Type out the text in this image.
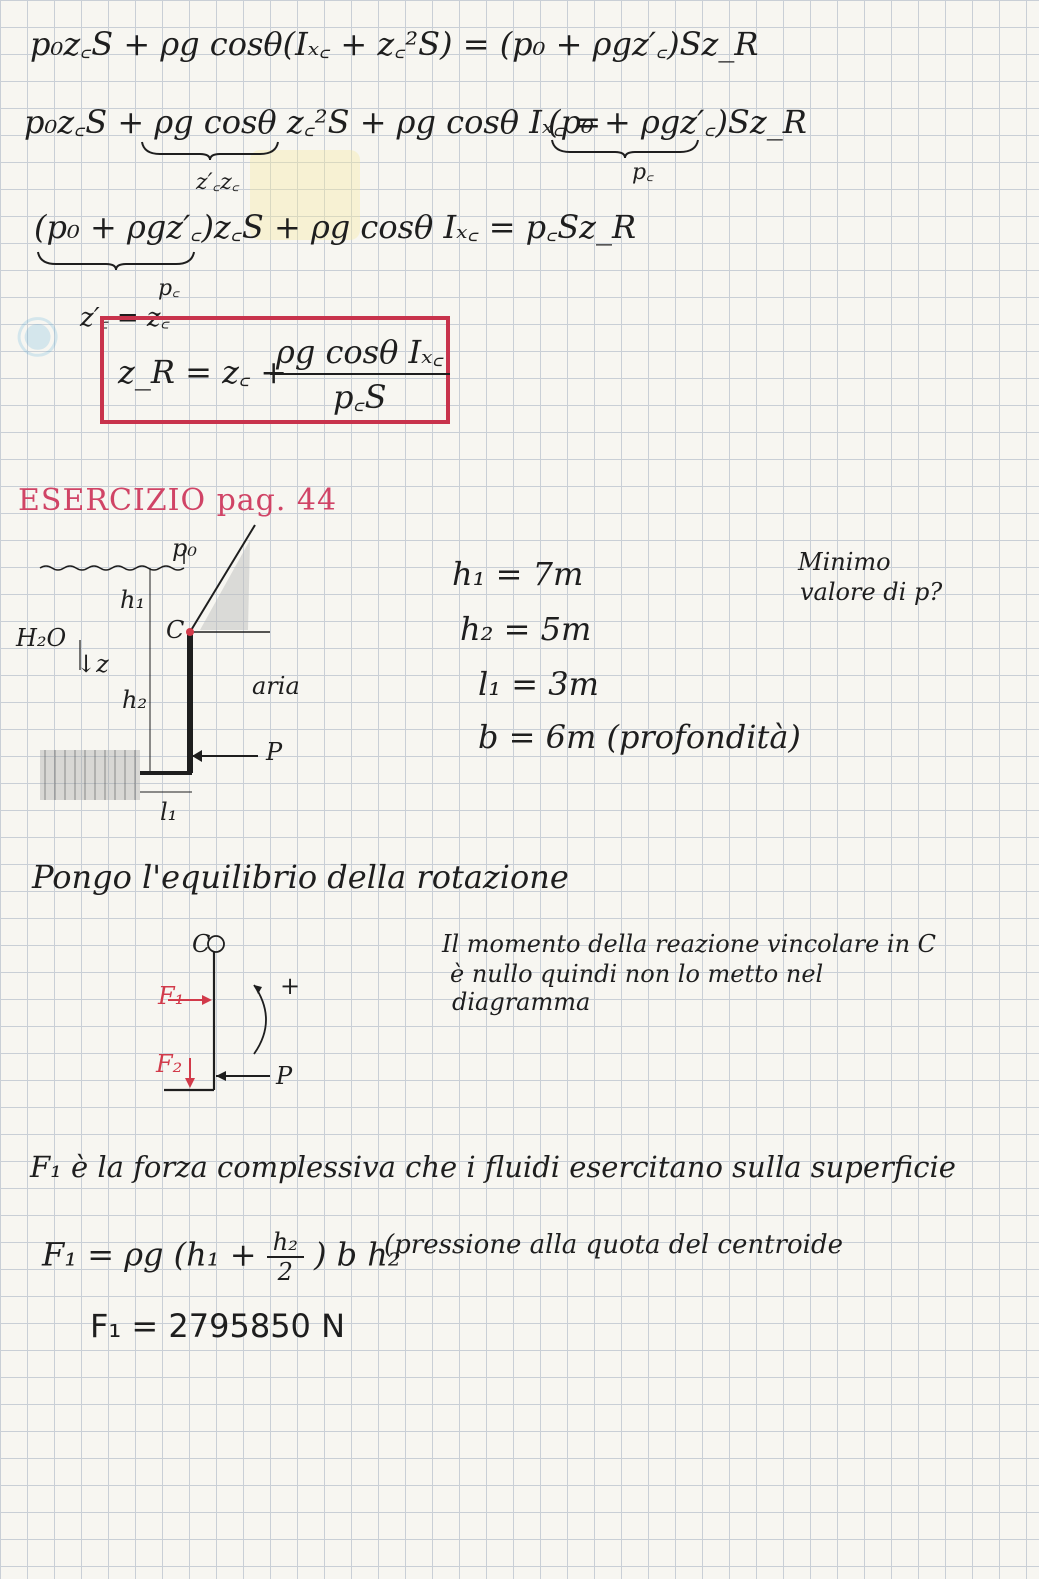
◉
p₀z꜀S + ρg cosθ(Iₓ꜀ + z꜀²S) = (p₀ + ρgz′꜀)Sz_R
p₀z꜀S + ρg cosθ z꜀²S + ρg cosθ Iₓ꜀ =
(p₀ + ρgz′꜀)Sz_R
z′꜀z꜀	p꜀
(p₀ + ρgz′꜀)z꜀S + ρg cosθ Iₓ꜀ = p꜀Sz_R
p꜀
z′꜀ = z꜀
z_R = z꜀ +
$\frac{\text{ρg cosθ Iₓ꜀}}{p꜀S}$
ESERCIZIO pag. 44
p₀
h₁
C
H₂O
↓z
aria
h₂
P
l₁
h₁ = 7m
h₂ = 5m
l₁ = 3m
b = 6m (profondità)
Minimo
valore di p?
Pongo l'equilibrio della rotazione
C
F₁
F₂	P
+
Il momento della reazione vincolare in C
è nullo quindi non lo metto nel
diagramma
F₁ è la forza complessiva che i fluidi esercitano sulla superficie
F₁ = ρg ($h_1 + \frac{\text{h₂}}{2}$ ) b h₂
(pressione alla quota del centroide
F₁ = 2795850 N
